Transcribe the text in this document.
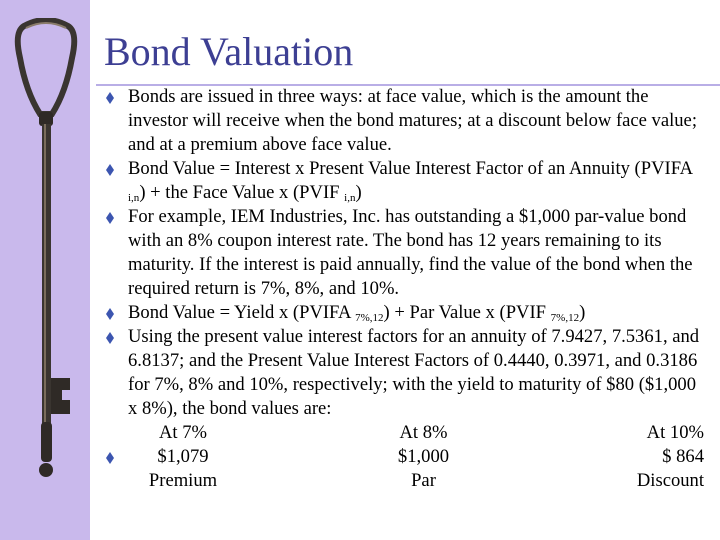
Bond Valuation
Bonds are issued in three ways: at face value, which is the amount the investor will receive when the bond matures; at a discount below face value; and at a premium above face value.
Bond Value = Interest x Present Value Interest Factor of an Annuity (PVIFA $_{i,n}$) + the Face Value x (PVIF $_{i,n}$)
For example, IEM Industries, Inc. has outstanding a $1,000 par-value bond with an 8% coupon interest rate. The bond has 12 years remaining to its maturity. If the interest is paid annually, find the value of the bond when the required return is 7%, 8%, and 10%.
Bond Value = Yield x (PVIFA $_{7\%,12}$) + Par Value x (PVIF $_{7\%,12}$)
Using the present value interest factors for an annuity of 7.9427, 7.5361, and 6.8137; and the Present Value Interest Factors of 0.4440, 0.3971, and 0.3186 for 7%, 8% and 10%, respectively; with the yield to maturity of $80 ($1,000 x 8%), the bond values are:
At 7%	At 8%	At 10%
$1,079	$1,000	$ 864
Premium	Par	Discount
